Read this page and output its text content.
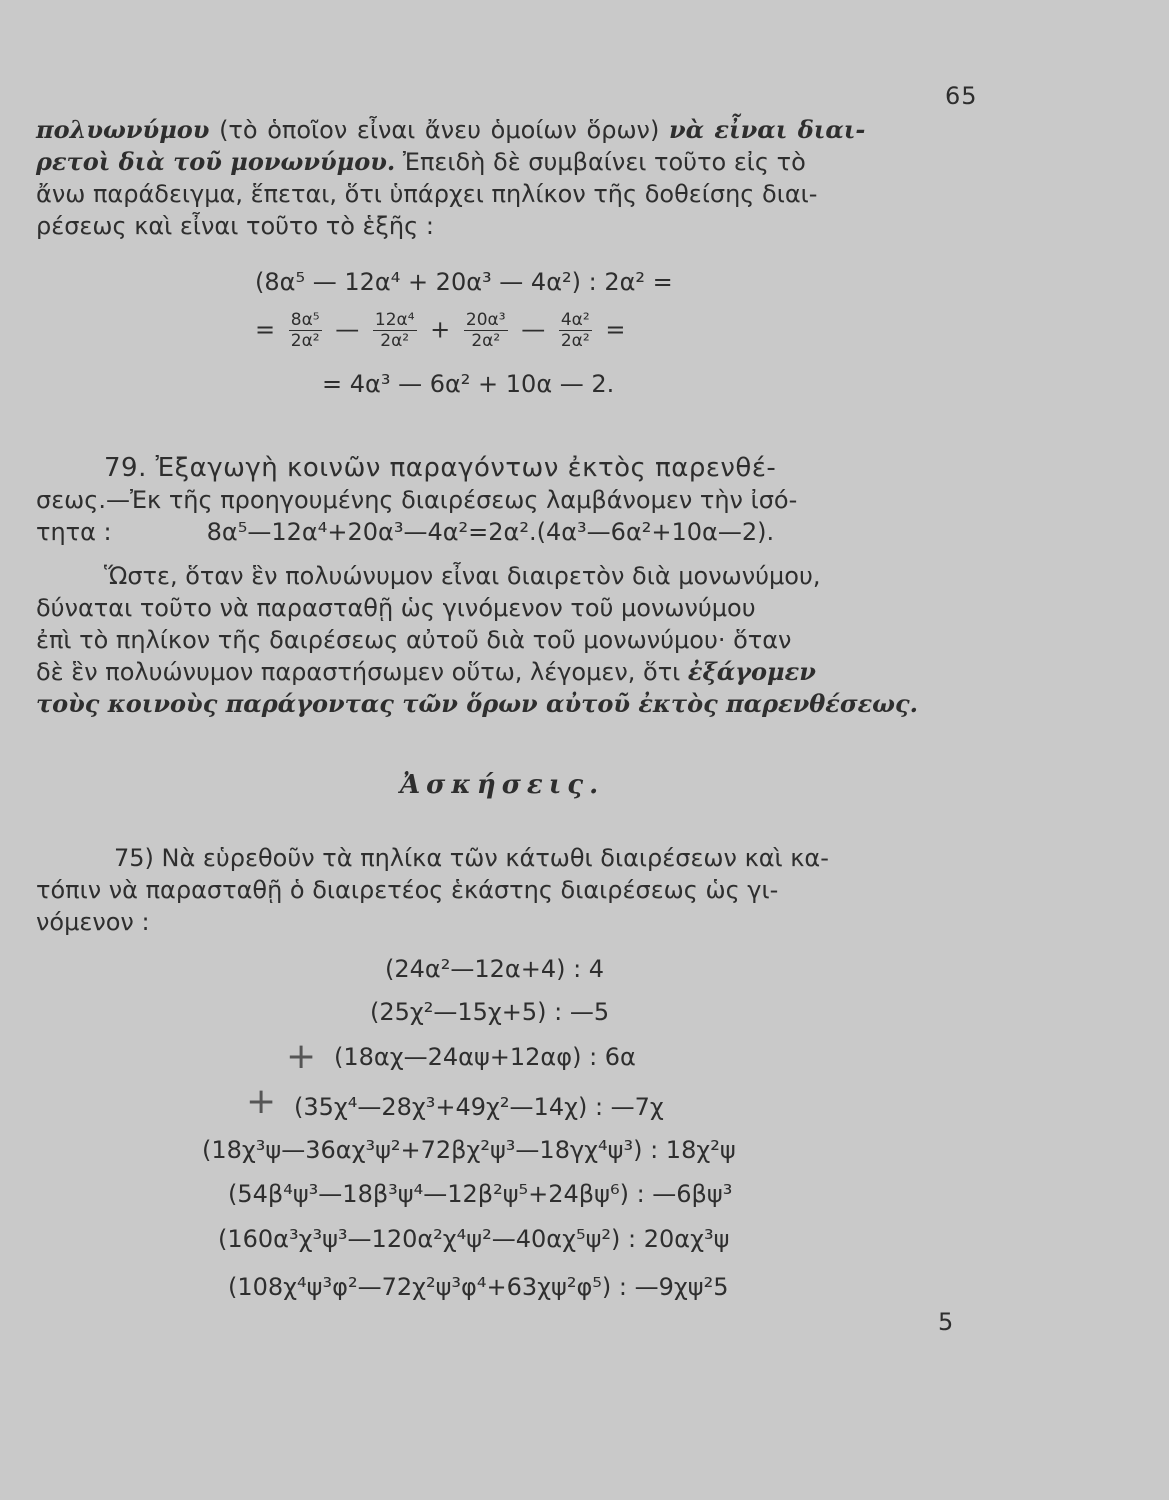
65
πολυωνύμου (τὸ ὁποῖον εἶναι ἄνευ ὁμοίων ὅρων) νὰ εἶναι διαι-
ρετοὶ διὰ τοῦ μονωνύμου. Ἐπειδὴ δὲ συμβαίνει τοῦτο εἰς τὸ
ἄνω παράδειγμα, ἕπεται, ὅτι ὑπάρχει πηλίκον τῆς δοθείσης διαι-
ρέσεως καὶ εἶναι τοῦτο τὸ ἑξῆς :
(8α⁵ — 12α⁴ + 20α³ — 4α²) : 2α² =
= $\frac{\text{8α⁵}}{\text{2α²}}$ — $\frac{\text{12α⁴}}{\text{2α²}} + \frac{\text{20α³}}{\text{2α²}}$ — $\frac{\text{4α²}}{\text{2α²}}$ =
= 4α³ — 6α² + 10α — 2.
79. Ἐξαγωγὴ κοινῶν παραγόντων ἐκτὸς παρενθέ-
σεως.—Ἐκ τῆς προηγουμένης διαιρέσεως λαμβάνομεν τὴν ἰσό-
τητα :	8α⁵—12α⁴+20α³—4α²=2α².(4α³—6α²+10α—2).
Ὥστε, ὅταν ἓν πολυώνυμον εἶναι διαιρετὸν διὰ μονωνύμου,
δύναται τοῦτο νὰ παρασταθῇ ὡς γινόμενον τοῦ μονωνύμου
ἐπὶ τὸ πηλίκον τῆς δαιρέσεως αὐτοῦ διὰ τοῦ μονωνύμου· ὅταν
δὲ ἓν πολυώνυμον παραστήσωμεν οὕτω, λέγομεν, ὅτι ἐξάγομεν
τοὺς κοινοὺς παράγοντας τῶν ὅρων αὐτοῦ ἐκτὸς παρενθέσεως.
Ἀσκήσεις.
75) Νὰ εὑρεθοῦν τὰ πηλίκα τῶν κάτωθι διαιρέσεων καὶ κα-
τόπιν νὰ παρασταθῇ ὁ διαιρετέος ἑκάστης διαιρέσεως ὡς γι-
νόμενον :
(24α²—12α+4) : 4
(25χ²—15χ+5) : —5
+ (18αχ—24αψ+12αφ) : 6α
+ (35χ⁴—28χ³+49χ²—14χ) : —7χ
(18χ³ψ—36αχ³ψ²+72βχ²ψ³—18γχ⁴ψ³) : 18χ²ψ
(54β⁴ψ³—18β³ψ⁴—12β²ψ⁵+24βψ⁶) : —6βψ³
(160α³χ³ψ³—120α²χ⁴ψ²—40αχ⁵ψ²) : 20αχ³ψ
(108χ⁴ψ³φ²—72χ²ψ³φ⁴+63χψ²φ⁵) : —9χψ²5
5
